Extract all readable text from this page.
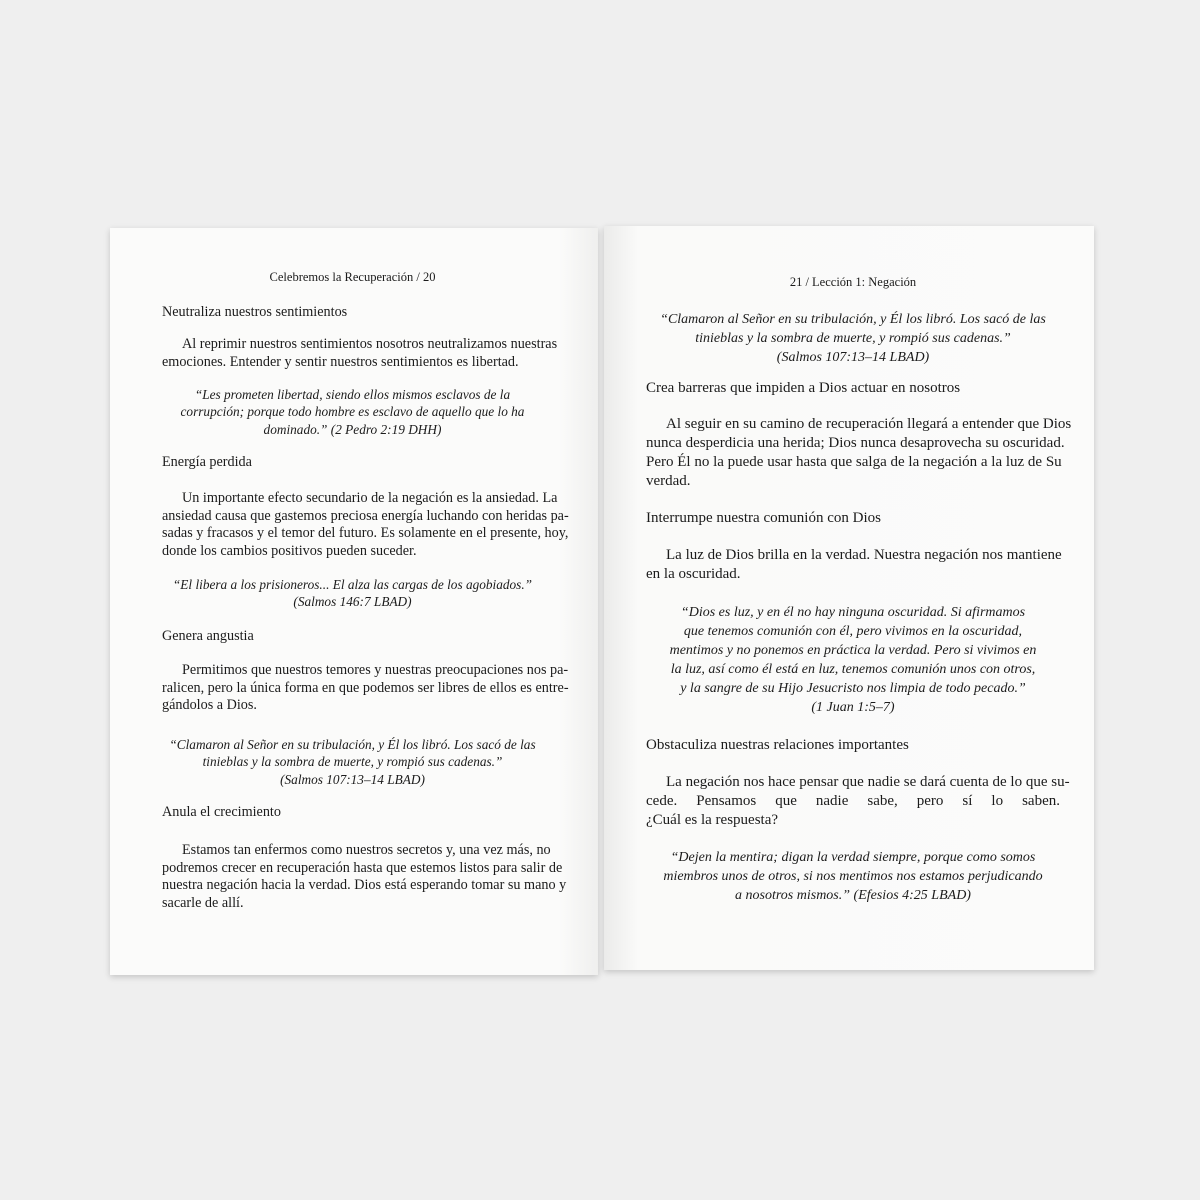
Celebremos la Recuperación / 20
Neutraliza nuestros sentimientos
Al reprimir nuestros sentimientos nosotros neutralizamos nuestras
emociones. Entender y sentir nuestros sentimientos es libertad.
“Les prometen libertad, siendo ellos mismos esclavos de la
corrupción; porque todo hombre es esclavo de aquello que lo ha
dominado.” (2 Pedro 2:19 DHH)
Energía perdida
Un importante efecto secundario de la negación es la ansiedad. La
ansiedad causa que gastemos preciosa energía luchando con heridas pa-
sadas y fracasos y el temor del futuro. Es solamente en el presente, hoy,
donde los cambios positivos pueden suceder.
“El libera a los prisioneros... El alza las cargas de los agobiados.”
(Salmos 146:7 LBAD)
Genera angustia
Permitimos que nuestros temores y nuestras preocupaciones nos pa-
ralicen, pero la única forma en que podemos ser libres de ellos es entre-
gándolos a Dios.
“Clamaron al Señor en su tribulación, y Él los libró. Los sacó de las
tinieblas y la sombra de muerte, y rompió sus cadenas.”
(Salmos 107:13–14 LBAD)
Anula el crecimiento
Estamos tan enfermos como nuestros secretos y, una vez más, no
podremos crecer en recuperación hasta que estemos listos para salir de
nuestra negación hacia la verdad. Dios está esperando tomar su mano y
sacarle de allí.
21 / Lección 1: Negación
“Clamaron al Señor en su tribulación, y Él los libró. Los sacó de las
tinieblas y la sombra de muerte, y rompió sus cadenas.”
(Salmos 107:13–14 LBAD)
Crea barreras que impiden a Dios actuar en nosotros
Al seguir en su camino de recuperación llegará a entender que Dios
nunca desperdicia una herida; Dios nunca desaprovecha su oscuridad.
Pero Él no la puede usar hasta que salga de la negación a la luz de Su
verdad.
Interrumpe nuestra comunión con Dios
La luz de Dios brilla en la verdad. Nuestra negación nos mantiene
en la oscuridad.
“Dios es luz, y en él no hay ninguna oscuridad. Si afirmamos
que tenemos comunión con él, pero vivimos en la oscuridad,
mentimos y no ponemos en práctica la verdad. Pero si vivimos en
la luz, así como él está en luz, tenemos comunión unos con otros,
y la sangre de su Hijo Jesucristo nos limpia de todo pecado.”
(1 Juan 1:5–7)
Obstaculiza nuestras relaciones importantes
La negación nos hace pensar que nadie se dará cuenta de lo que su-
cede. Pensamos que nadie sabe, pero sí lo saben.
¿Cuál es la respuesta?
“Dejen la mentira; digan la verdad siempre, porque como somos
miembros unos de otros, si nos mentimos nos estamos perjudicando
a nosotros mismos.” (Efesios 4:25 LBAD)
